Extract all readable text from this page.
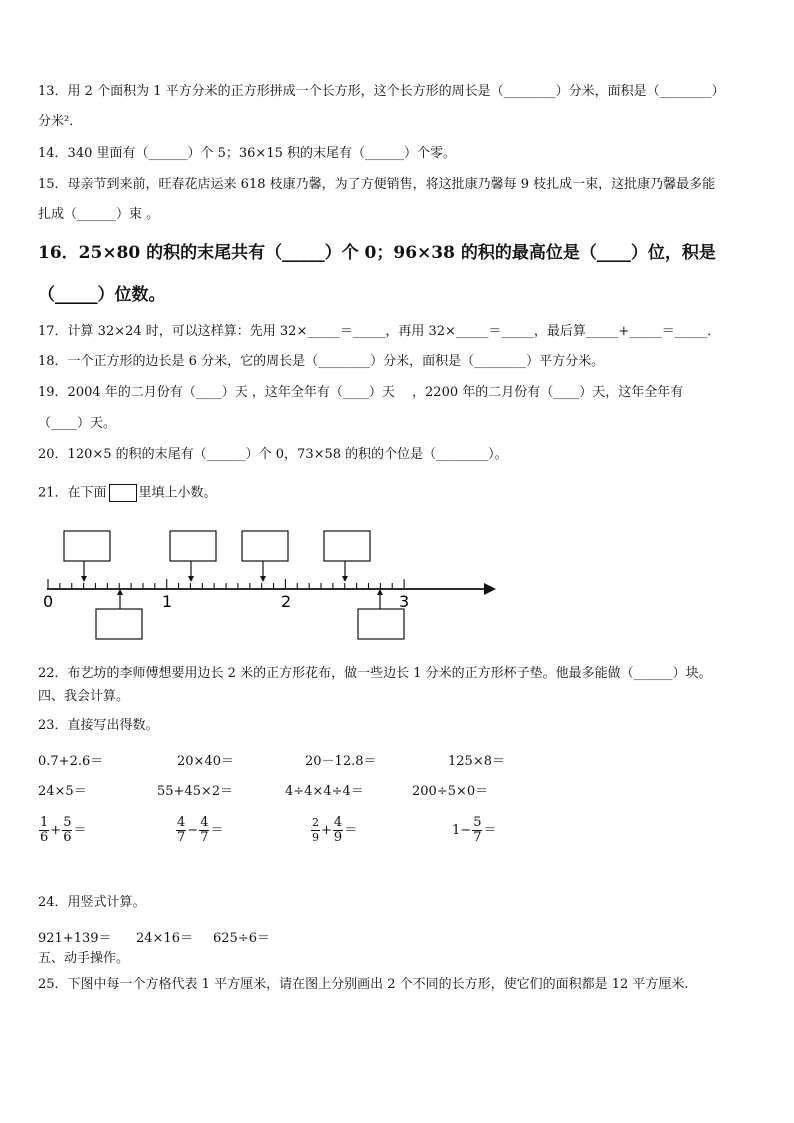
13．用 2 个面积为 1 平方分米的正方形拼成一个长方形，这个长方形的周长是（________）分米，面积是（________）
分米²．
14．340 里面有（______）个 5；36×15 积的末尾有（______）个零。
15．母亲节到来前，旺春花店运来 618 枝康乃馨，为了方便销售，将这批康乃馨每 9 枝扎成一束，这批康乃馨最多能
扎成（______）束 。
16．25×80 的积的末尾共有（_____）个 0；96×38 的积的最高位是（____）位，积是
（_____）位数。
17．计算 32×24 时，可以这样算：先用 32×_____＝_____，再用 32×_____＝_____，最后算_____+_____＝_____．
18．一个正方形的边长是 6 分米，它的周长是（________）分米，面积是（________）平方分米。
19．2004 年的二月份有（____）天 ，这年全年有（____）天 　，2200 年的二月份有（____）天，这年全年有
（____）天。
20．120×5 的积的末尾有（______）个 0，73×58 的积的个位是（________）。
21．在下面 里填上小数。
0	1	2	3
22．布艺坊的李师傅想要用边长 2 米的正方形花布，做一些边长 1 分米的正方形杯子垫。他最多能做（______）块。
四、我会计算。
23．直接写出得数。
0.7+2.6＝	20×40＝	20－12.8＝	125×8＝
24×5＝	55+45×2＝	4÷4×4÷4＝	200÷5×0＝
$\frac{1}{6} + \frac{5}{6}$ ＝	$\frac{4}{7} - \frac{4}{7}$ ＝	$\frac{2}{9} + \frac{4}{9}$ ＝	$1- \frac{5}{7}$ ＝
24．用竖式计算。
921+139＝ 24×16＝ 625÷6＝
五、动手操作。
25．下图中每一个方格代表 1 平方厘米，请在图上分别画出 2 个不同的长方形，使它们的面积都是 12 平方厘米.
